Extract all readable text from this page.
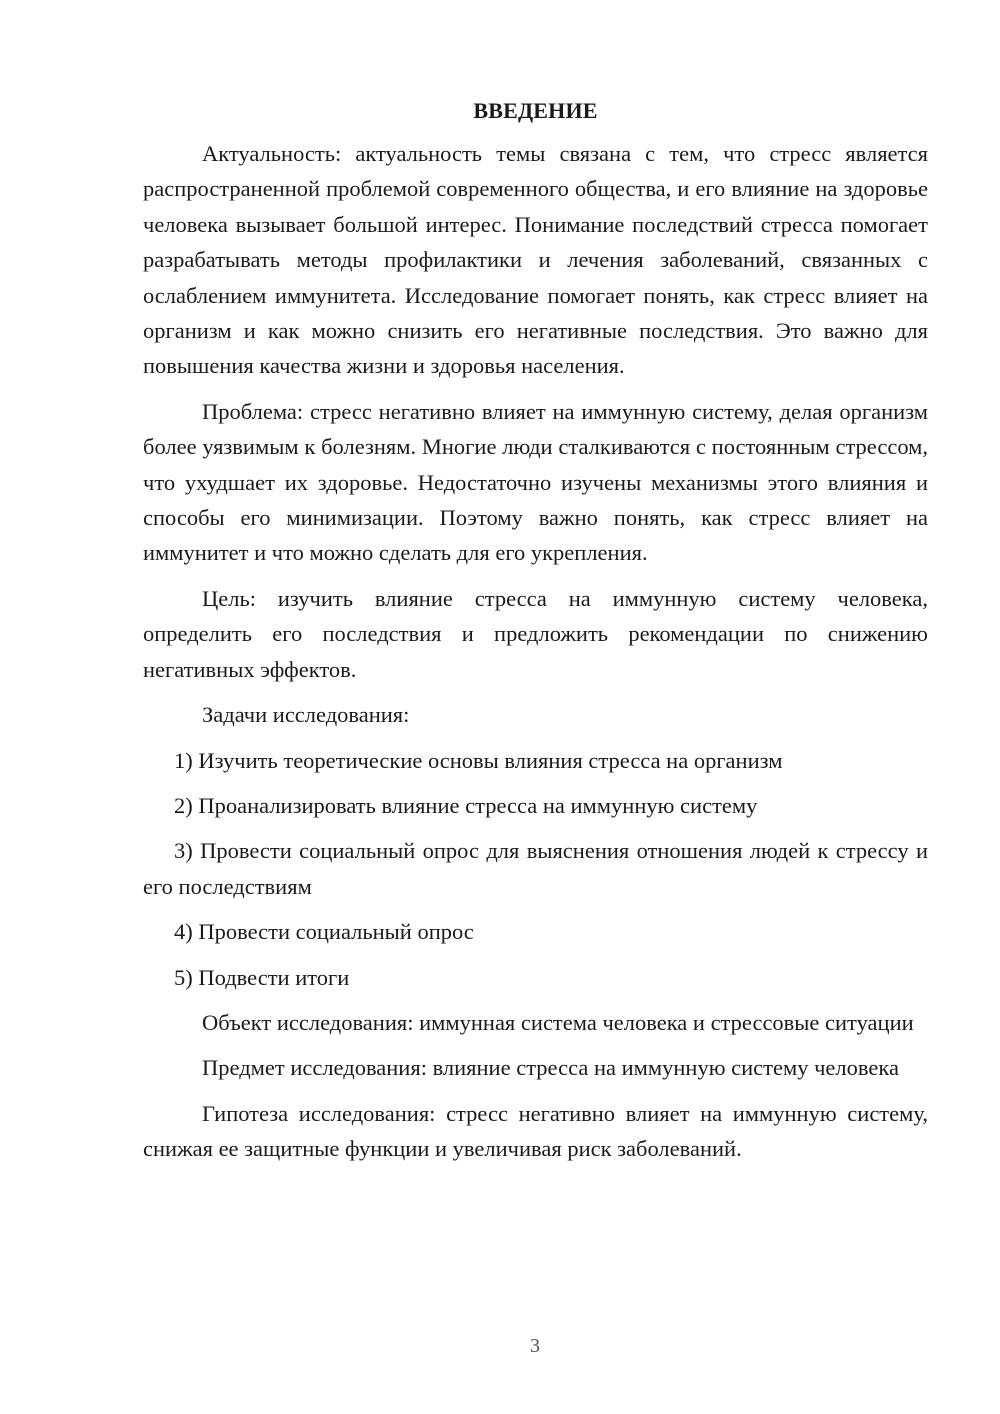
ВВЕДЕНИЕ

Актуальность: актуальность темы связана с тем, что стресс является распространенной проблемой современного общества, и его влияние на здоровье человека вызывает большой интерес. Понимание последствий стресса помогает разрабатывать методы профилактики и лечения заболеваний, связанных с ослаблением иммунитета. Исследование помогает понять, как стресс влияет на организм и как можно снизить его негативные последствия. Это важно для повышения качества жизни и здоровья населения.

Проблема: стресс негативно влияет на иммунную систему, делая организм более уязвимым к болезням. Многие люди сталкиваются с постоянным стрессом, что ухудшает их здоровье. Недостаточно изучены механизмы этого влияния и способы его минимизации. Поэтому важно понять, как стресс влияет на иммунитет и что можно сделать для его укрепления.

Цель: изучить влияние стресса на иммунную систему человека, определить его последствия и предложить рекомендации по снижению негативных эффектов.

Задачи исследования:

1) Изучить теоретические основы влияния стресса на организм

2) Проанализировать влияние стресса на иммунную систему

3) Провести социальный опрос для выяснения отношения людей к стрессу и его последствиям

4) Провести социальный опрос

5) Подвести итоги

Объект исследования: иммунная система человека и стрессовые ситуации

Предмет исследования: влияние стресса на иммунную систему человека

Гипотеза исследования: стресс негативно влияет на иммунную систему, снижая ее защитные функции и увеличивая риск заболеваний.

3
